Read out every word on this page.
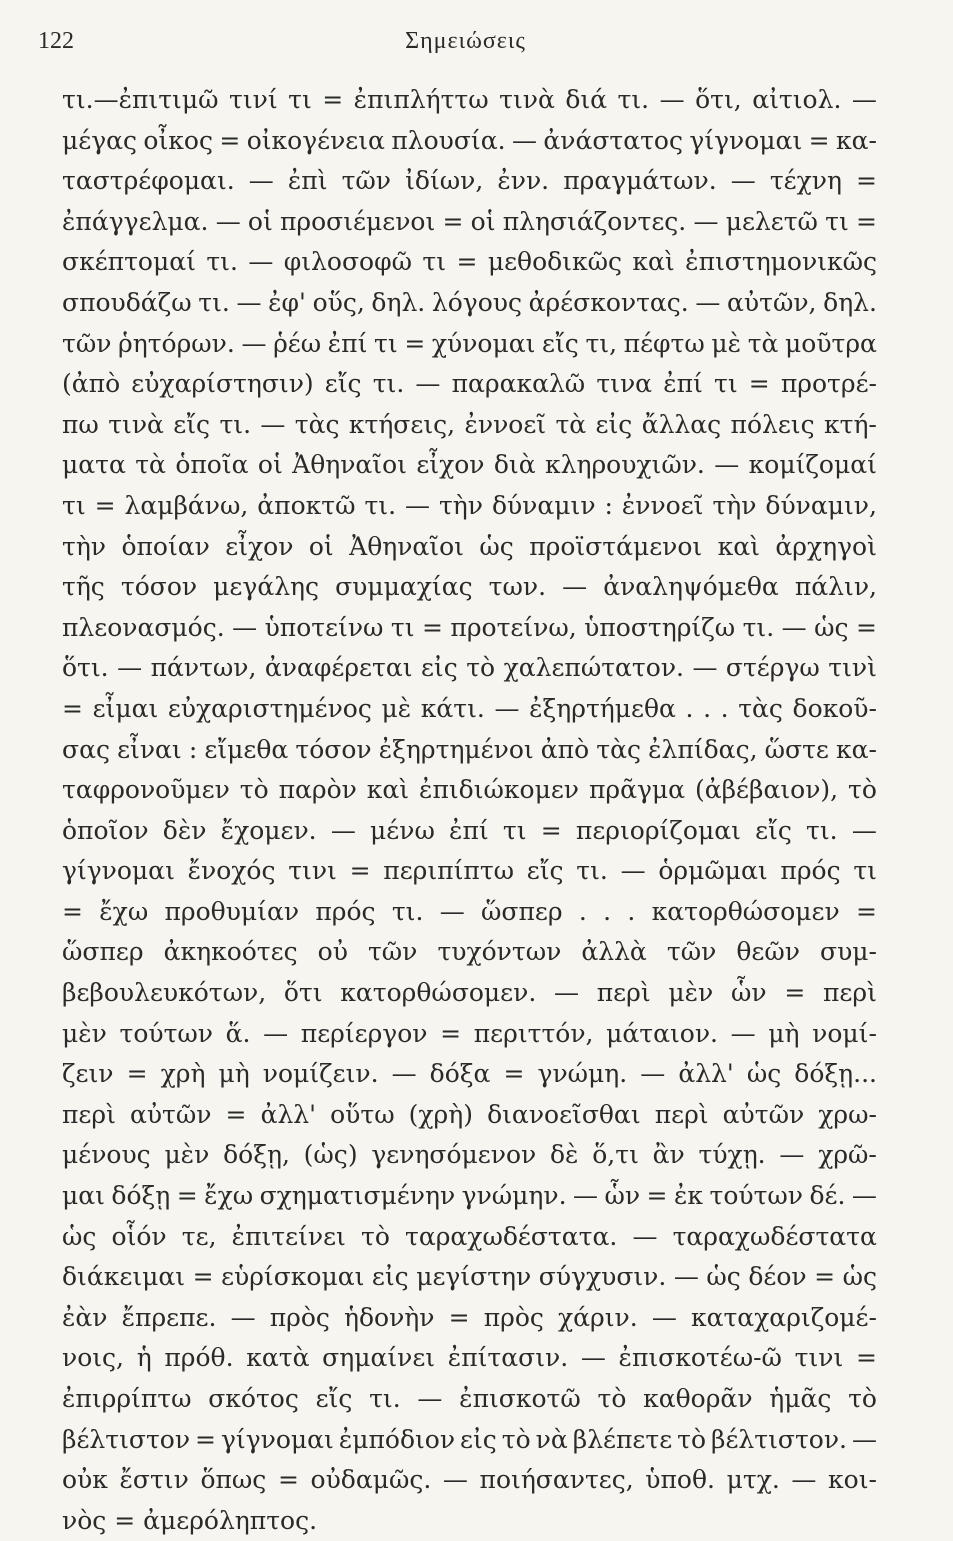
122	Σημειώσεις
τι.—ἐπιτιμῶ τινί τι = ἐπιπλήττω τινὰ διά τι. — ὅτι, αἰτιολ. —
μέγας οἶκος = οἰκογένεια πλουσία. — ἀνάστατος γίγνομαι = κα-
ταστρέφομαι. — ἐπὶ τῶν ἰδίων, ἐνν. πραγμάτων. — τέχνη =
ἐπάγγελμα. — οἱ προσιέμενοι = οἱ πλησιάζοντες. — μελετῶ τι =
σκέπτομαί τι. — φιλοσοφῶ τι = μεθοδικῶς καὶ ἐπιστημονικῶς
σπουδάζω τι. — ἐφ' οὕς, δηλ. λόγους ἀρέσκοντας. — αὐτῶν, δηλ.
τῶν ῥητόρων. — ῥέω ἐπί τι = χύνομαι εἴς τι, πέφτω μὲ τὰ μοῦτρα
(ἀπὸ εὐχαρίστησιν) εἴς τι. — παρακαλῶ τινα ἐπί τι = προτρέ-
πω τινὰ εἴς τι. — τὰς κτήσεις, ἐννοεῖ τὰ εἰς ἄλλας πόλεις κτή-
ματα τὰ ὁποῖα οἱ Ἀθηναῖοι εἶχον διὰ κληρουχιῶν. — κομίζομαί
τι = λαμβάνω, ἀποκτῶ τι. — τὴν δύναμιν : ἐννοεῖ τὴν δύναμιν,
τὴν ὁποίαν εἶχον οἱ Ἀθηναῖοι ὡς προϊστάμενοι καὶ ἀρχηγοὶ
τῆς τόσον μεγάλης συμμαχίας των. — ἀναληψόμεθα πάλιν,
πλεονασμός. — ὑποτείνω τι = προτείνω, ὑποστηρίζω τι. — ὡς =
ὅτι. — πάντων, ἀναφέρεται εἰς τὸ χαλεπώτατον. — στέργω τινὶ
= εἶμαι εὐχαριστημένος μὲ κάτι. — ἐξηρτήμεθα . . . τὰς δοκοῦ-
σας εἶναι : εἴμεθα τόσον ἐξηρτημένοι ἀπὸ τὰς ἐλπίδας, ὥστε κα-
ταφρονοῦμεν τὸ παρὸν καὶ ἐπιδιώκομεν πρᾶγμα (ἀβέβαιον), τὸ
ὁποῖον δὲν ἔχομεν. — μένω ἐπί τι = περιορίζομαι εἴς τι. —
γίγνομαι ἔνοχός τινι = περιπίπτω εἴς τι. — ὁρμῶμαι πρός τι
= ἔχω προθυμίαν πρός τι. — ὥσπερ . . . κατορθώσομεν =
ὥσπερ ἀκηκοότες οὐ τῶν τυχόντων ἀλλὰ τῶν θεῶν συμ-
βεβουλευκότων, ὅτι κατορθώσομεν. — περὶ μὲν ὧν = περὶ
μὲν τούτων ἅ. — περίεργον = περιττόν, μάταιον. — μὴ νομί-
ζειν = χρὴ μὴ νομίζειν. — δόξα = γνώμη. — ἀλλ' ὡς δόξῃ...
περὶ αὐτῶν = ἀλλ' οὕτω (χρὴ) διανοεῖσθαι περὶ αὐτῶν χρω-
μένους μὲν δόξῃ, (ὡς) γενησόμενον δὲ ὅ,τι ἂν τύχῃ. — χρῶ-
μαι δόξῃ = ἔχω σχηματισμένην γνώμην. — ὧν = ἐκ τούτων δέ. —
ὡς οἷόν τε, ἐπιτείνει τὸ ταραχωδέστατα. — ταραχωδέστατα
διάκειμαι = εὑρίσκομαι εἰς μεγίστην σύγχυσιν. — ὡς δέον = ὡς
ἐὰν ἔπρεπε. — πρὸς ἡδονὴν = πρὸς χάριν. — καταχαριζομέ-
νοις, ἡ πρόθ. κατὰ σημαίνει ἐπίτασιν. — ἐπισκοτέω-ῶ τινι =
ἐπιρρίπτω σκότος εἴς τι. — ἐπισκοτῶ τὸ καθορᾶν ἡμᾶς τὸ
βέλτιστον = γίγνομαι ἐμπόδιον εἰς τὸ νὰ βλέπετε τὸ βέλτιστον. —
οὐκ ἔστιν ὅπως = οὐδαμῶς. — ποιήσαντες, ὑποθ. μτχ. — κοι-
νὸς = ἀμερόληπτος.
